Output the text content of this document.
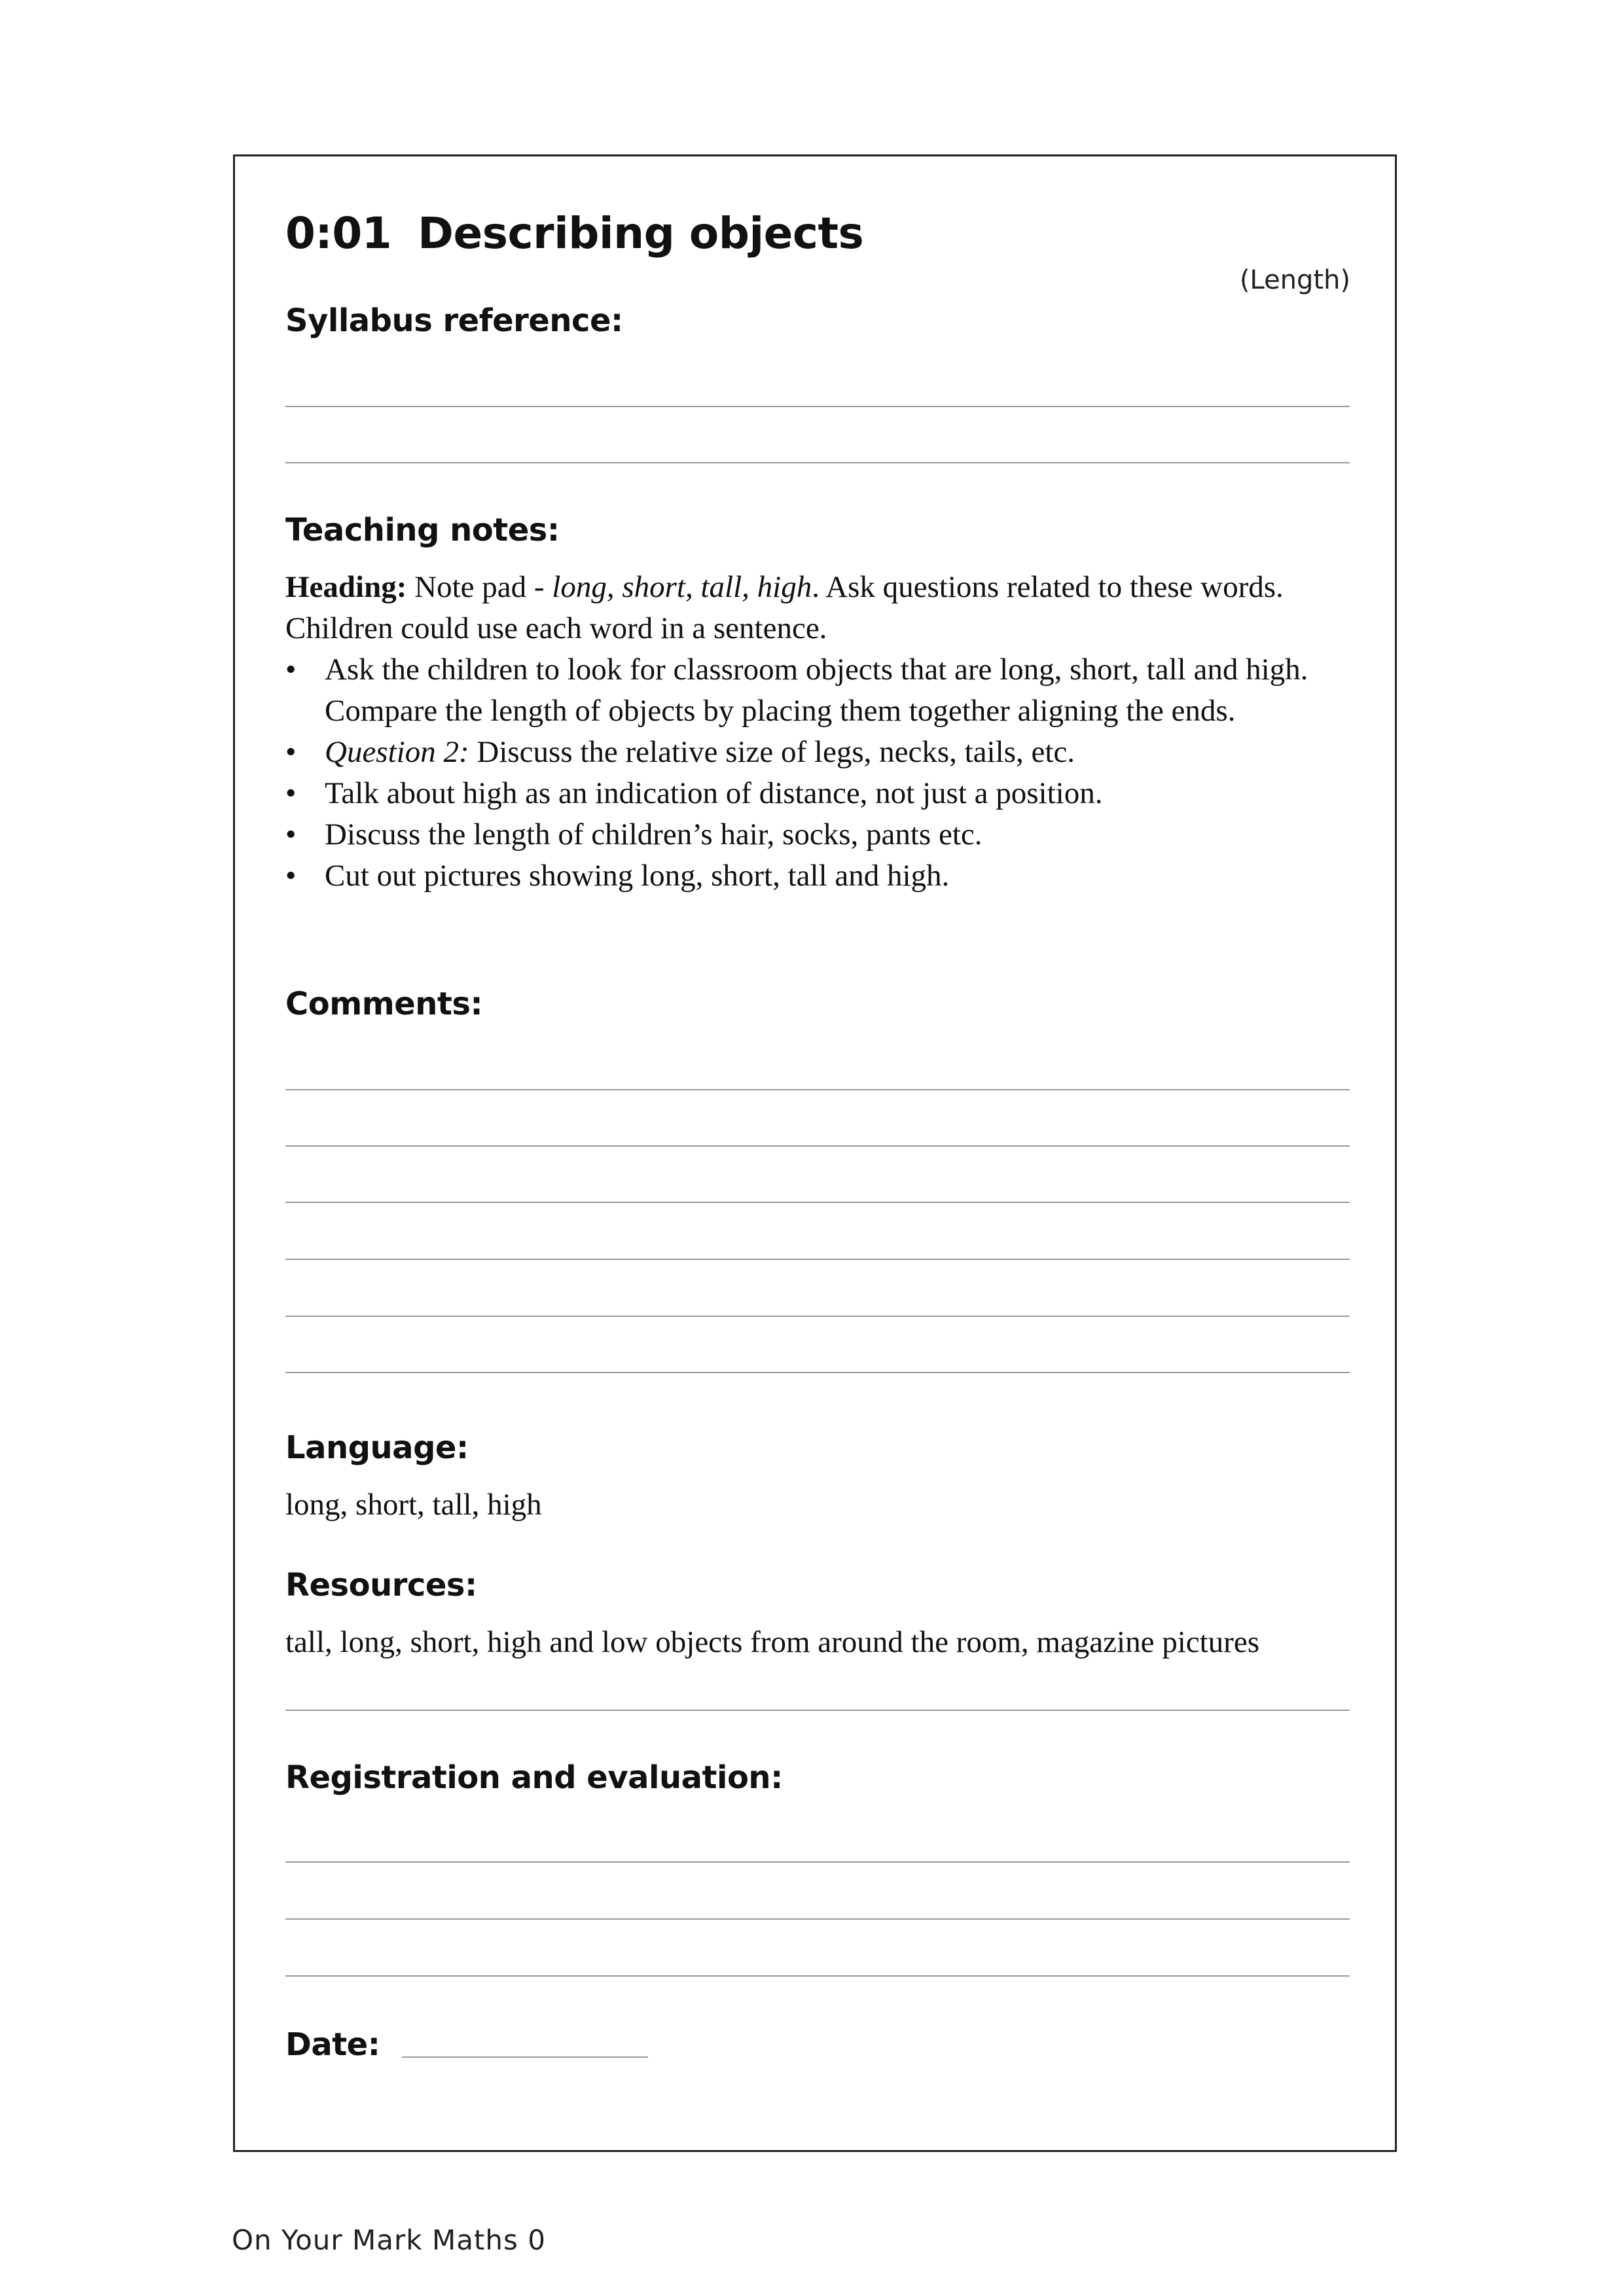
0:01 Describing objects
(Length)
Syllabus reference:
Teaching notes:

Heading: Note pad - long, short, tall, high. Ask questions related to these words. Children could use each word in a sentence.

• Ask the children to look for classroom objects that are long, short, tall and high. Compare the length of objects by placing them together aligning the ends.
• Question 2: Discuss the relative size of legs, necks, tails, etc.
• Talk about high as an indication of distance, not just a position.
• Discuss the length of children’s hair, socks, pants etc.
• Cut out pictures showing long, short, tall and high.
Comments:
Language:
long, short, tall, high
Resources:
tall, long, short, high and low objects from around the room, magazine pictures
Registration and evaluation:
Date:
On Your Mark Maths 0
